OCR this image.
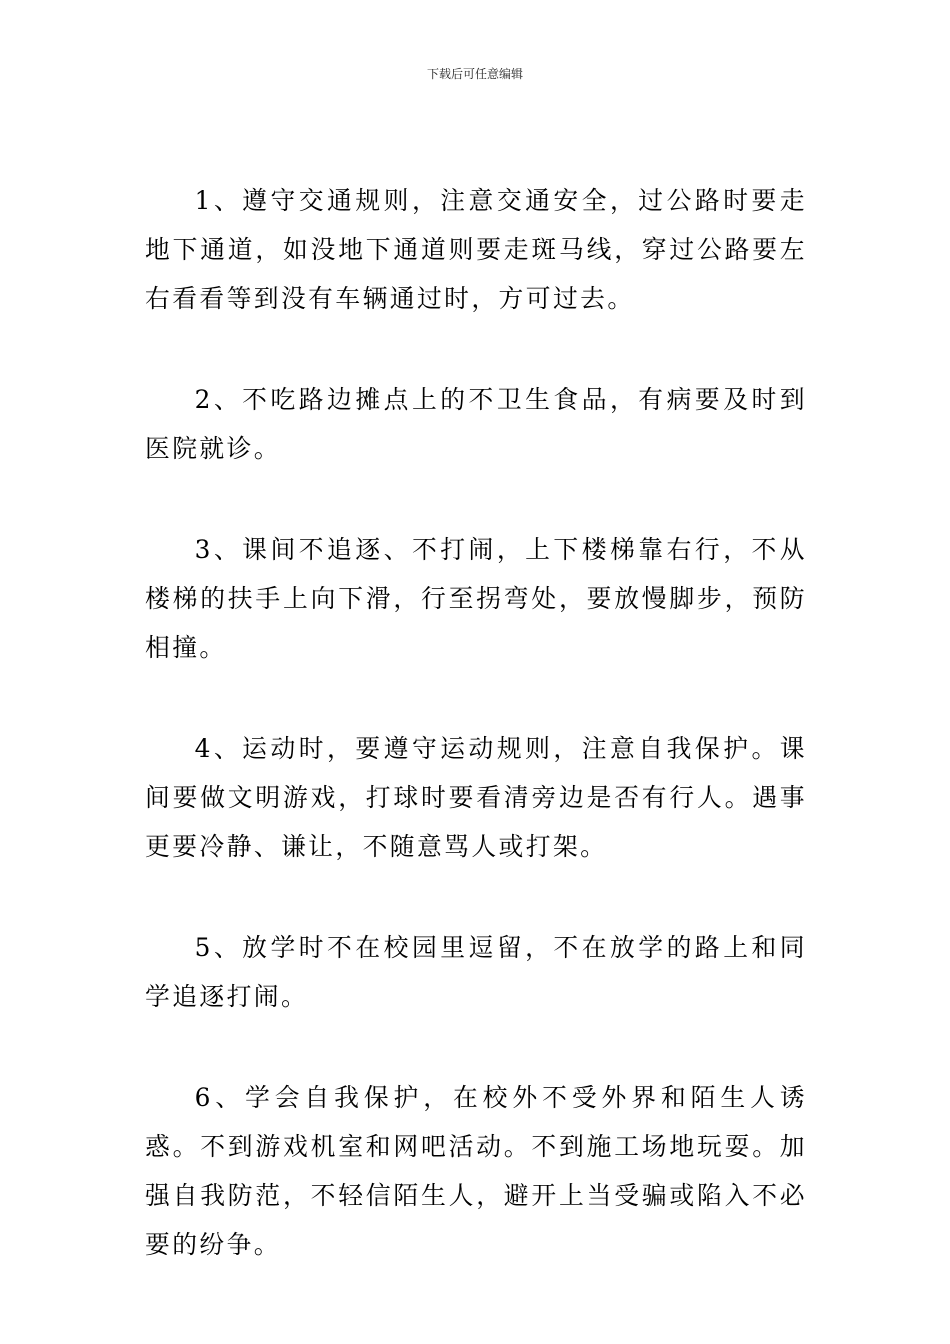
下载后可任意编辑

1、遵守交通规则，注意交通安全，过公路时要走地下通道，如没地下通道则要走斑马线，穿过公路要左右看看等到没有车辆通过时，方可过去。

2、不吃路边摊点上的不卫生食品，有病要及时到医院就诊。

3、课间不追逐、不打闹，上下楼梯靠右行，不从楼梯的扶手上向下滑，行至拐弯处，要放慢脚步，预防相撞。

4、运动时，要遵守运动规则，注意自我保护。课间要做文明游戏，打球时要看清旁边是否有行人。遇事更要冷静、谦让，不随意骂人或打架。

5、放学时不在校园里逗留，不在放学的路上和同学追逐打闹。

6、学会自我保护，在校外不受外界和陌生人诱惑。不到游戏机室和网吧活动。不到施工场地玩耍。加强自我防范，不轻信陌生人，避开上当受骗或陷入不必要的纷争。
